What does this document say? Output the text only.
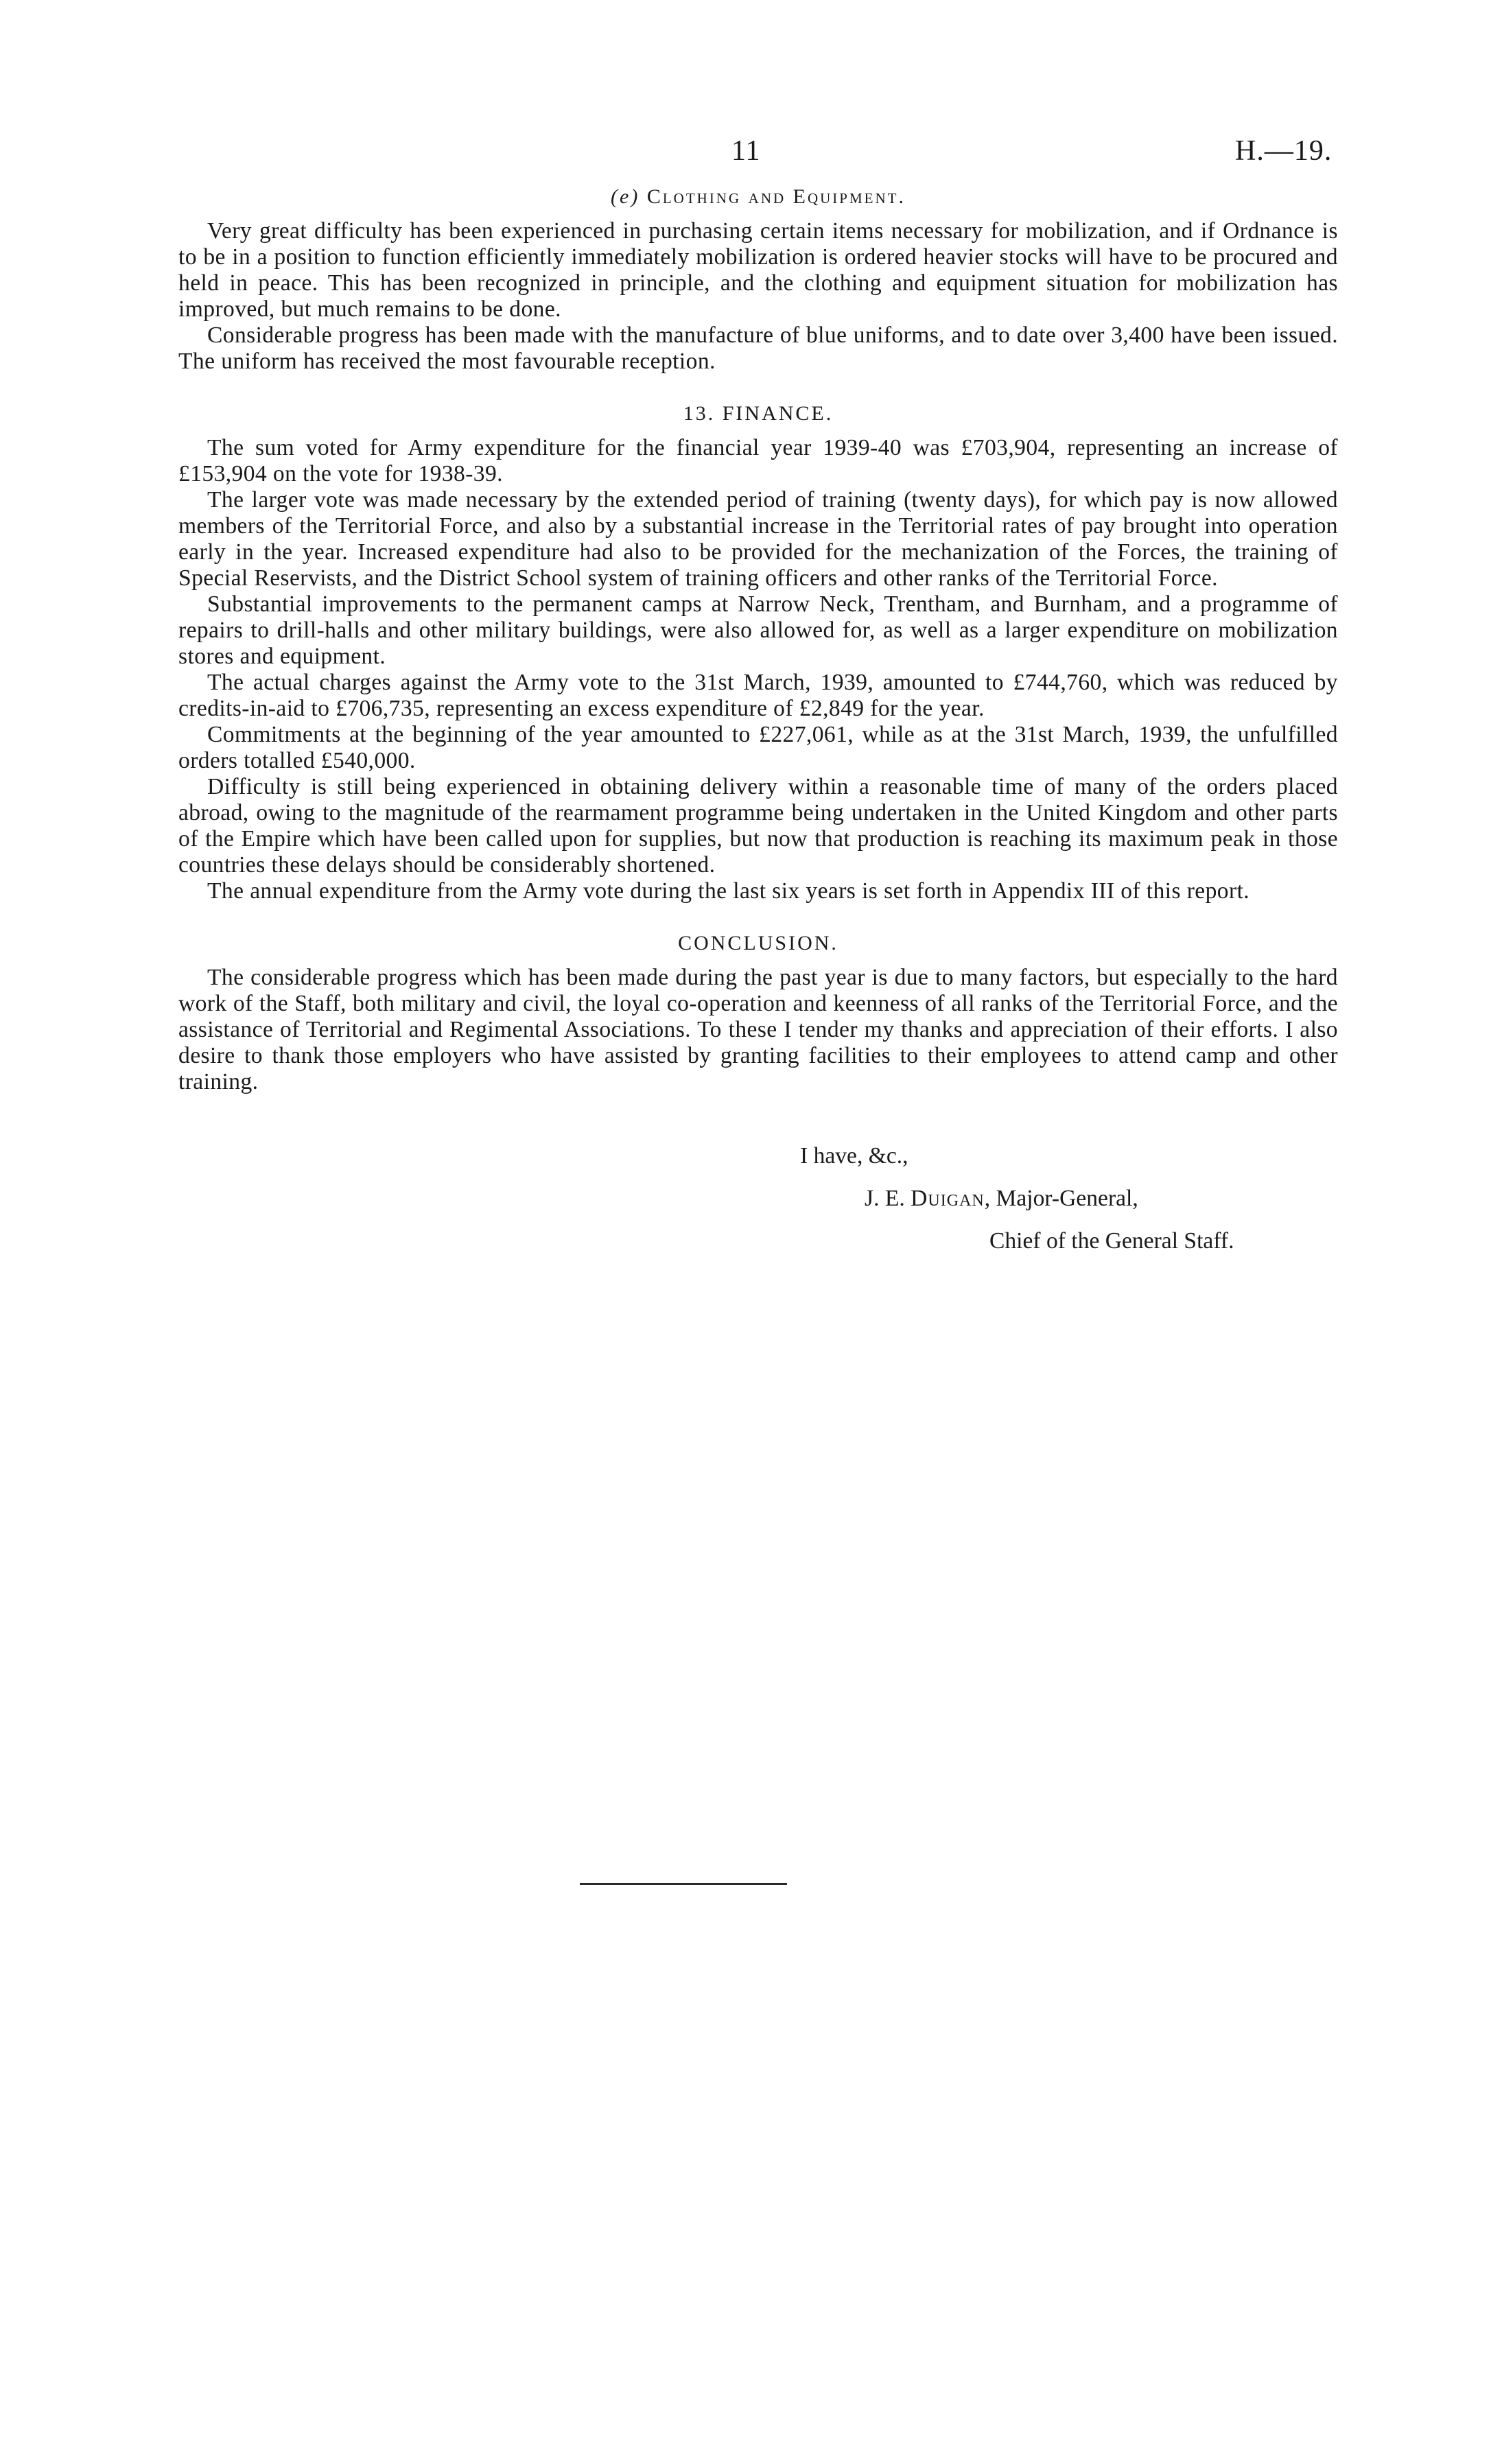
11	H.—19.
(e) Clothing and Equipment.

Very great difficulty has been experienced in purchasing certain items necessary for mobilization, and if Ordnance is to be in a position to function efficiently immediately mobilization is ordered heavier stocks will have to be procured and held in peace. This has been recognized in principle, and the clothing and equipment situation for mobilization has improved, but much remains to be done.

Considerable progress has been made with the manufacture of blue uniforms, and to date over 3,400 have been issued. The uniform has received the most favourable reception.

13. FINANCE.

The sum voted for Army expenditure for the financial year 1939-40 was £703,904, representing an increase of £153,904 on the vote for 1938-39.

The larger vote was made necessary by the extended period of training (twenty days), for which pay is now allowed members of the Territorial Force, and also by a substantial increase in the Territorial rates of pay brought into operation early in the year. Increased expenditure had also to be provided for the mechanization of the Forces, the training of Special Reservists, and the District School system of training officers and other ranks of the Territorial Force.

Substantial improvements to the permanent camps at Narrow Neck, Trentham, and Burnham, and a programme of repairs to drill-halls and other military buildings, were also allowed for, as well as a larger expenditure on mobilization stores and equipment.

The actual charges against the Army vote to the 31st March, 1939, amounted to £744,760, which was reduced by credits-in-aid to £706,735, representing an excess expenditure of £2,849 for the year.

Commitments at the beginning of the year amounted to £227,061, while as at the 31st March, 1939, the unfulfilled orders totalled £540,000.

Difficulty is still being experienced in obtaining delivery within a reasonable time of many of the orders placed abroad, owing to the magnitude of the rearmament programme being undertaken in the United Kingdom and other parts of the Empire which have been called upon for supplies, but now that production is reaching its maximum peak in those countries these delays should be considerably shortened.

The annual expenditure from the Army vote during the last six years is set forth in Appendix III of this report.

CONCLUSION.

The considerable progress which has been made during the past year is due to many factors, but especially to the hard work of the Staff, both military and civil, the loyal co-operation and keenness of all ranks of the Territorial Force, and the assistance of Territorial and Regimental Associations. To these I tender my thanks and appreciation of their efforts. I also desire to thank those employers who have assisted by granting facilities to their employees to attend camp and other training.

I have, &c.,
J. E. Duigan, Major-General,
Chief of the General Staff.
